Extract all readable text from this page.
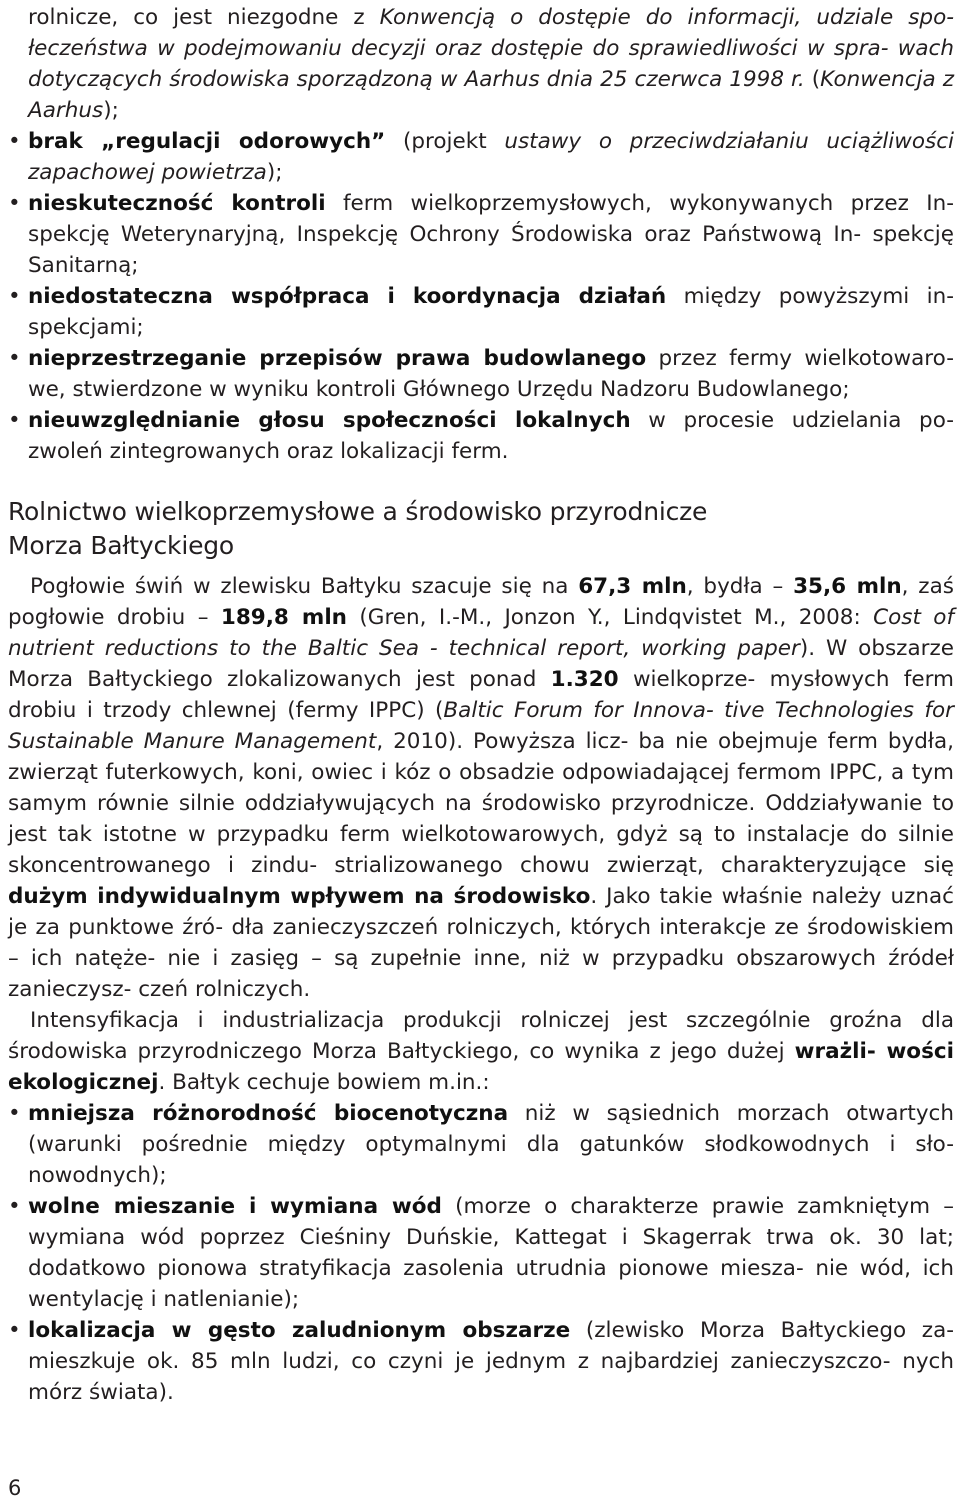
rolnicze, co jest niezgodne z Konwencją o dostępie do informacji, udziale spo- łeczeństwa w podejmowaniu decyzji oraz dostępie do sprawiedliwości w spra- wach dotyczących środowiska sporządzoną w Aarhus dnia 25 czerwca 1998 r. (Konwencja z Aarhus);

• brak „regulacji odorowych” (projekt ustawy o przeciwdziałaniu uciążliwości zapachowej powietrza);

• nieskuteczność kontroli ferm wielkoprzemysłowych, wykonywanych przez In- spekcję Weterynaryjną, Inspekcję Ochrony Środowiska oraz Państwową In- spekcję Sanitarną;

• niedostateczna współpraca i koordynacja działań między powyższymi in- spekcjami;

• nieprzestrzeganie przepisów prawa budowlanego przez fermy wielkotowaro- we, stwierdzone w wyniku kontroli Głównego Urzędu Nadzoru Budowlanego;

• nieuwzględnianie głosu społeczności lokalnych w procesie udzielania po- zwoleń zintegrowanych oraz lokalizacji ferm.

Rolnictwo wielkoprzemysłowe a środowisko przyrodnicze
Morza Bałtyckiego

Pogłowie świń w zlewisku Bałtyku szacuje się na 67,3 mln, bydła – 35,6 mln, zaś pogłowie drobiu – 189,8 mln (Gren, I.-M., Jonzon Y., Lindqvistet M., 2008: Cost of nutrient reductions to the Baltic Sea - technical report, working paper). W obszarze Morza Bałtyckiego zlokalizowanych jest ponad 1.320 wielkoprze- mysłowych ferm drobiu i trzody chlewnej (fermy IPPC) (Baltic Forum for Innova- tive Technologies for Sustainable Manure Management, 2010). Powyższa licz- ba nie obejmuje ferm bydła, zwierząt futerkowych, koni, owiec i kóz o obsadzie odpowiadającej fermom IPPC, a tym samym równie silnie oddziaływujących na środowisko przyrodnicze. Oddziaływanie to jest tak istotne w przypadku ferm wielkotowarowych, gdyż są to instalacje do silnie skoncentrowanego i zindu- strializowanego chowu zwierząt, charakteryzujące się dużym indywidualnym wpływem na środowisko. Jako takie właśnie należy uznać je za punktowe źró- dła zanieczyszczeń rolniczych, których interakcje ze środowiskiem – ich natęże- nie i zasięg – są zupełnie inne, niż w przypadku obszarowych źródeł zanieczysz- czeń rolniczych.

Intensyfikacja i industrializacja produkcji rolniczej jest szczególnie groźna dla środowiska przyrodniczego Morza Bałtyckiego, co wynika z jego dużej wrażli- wości ekologicznej. Bałtyk cechuje bowiem m.in.:

• mniejsza różnorodność biocenotyczna niż w sąsiednich morzach otwartych (warunki pośrednie między optymalnymi dla gatunków słodkowodnych i sło- nowodnych);

• wolne mieszanie i wymiana wód (morze o charakterze prawie zamkniętym – wymiana wód poprzez Cieśniny Duńskie, Kattegat i Skagerrak trwa ok. 30 lat; dodatkowo pionowa stratyfikacja zasolenia utrudnia pionowe miesza- nie wód, ich wentylację i natlenianie);

• lokalizacja w gęsto zaludnionym obszarze (zlewisko Morza Bałtyckiego za- mieszkuje ok. 85 mln ludzi, co czyni je jednym z najbardziej zanieczyszczo- nych mórz świata).

6
